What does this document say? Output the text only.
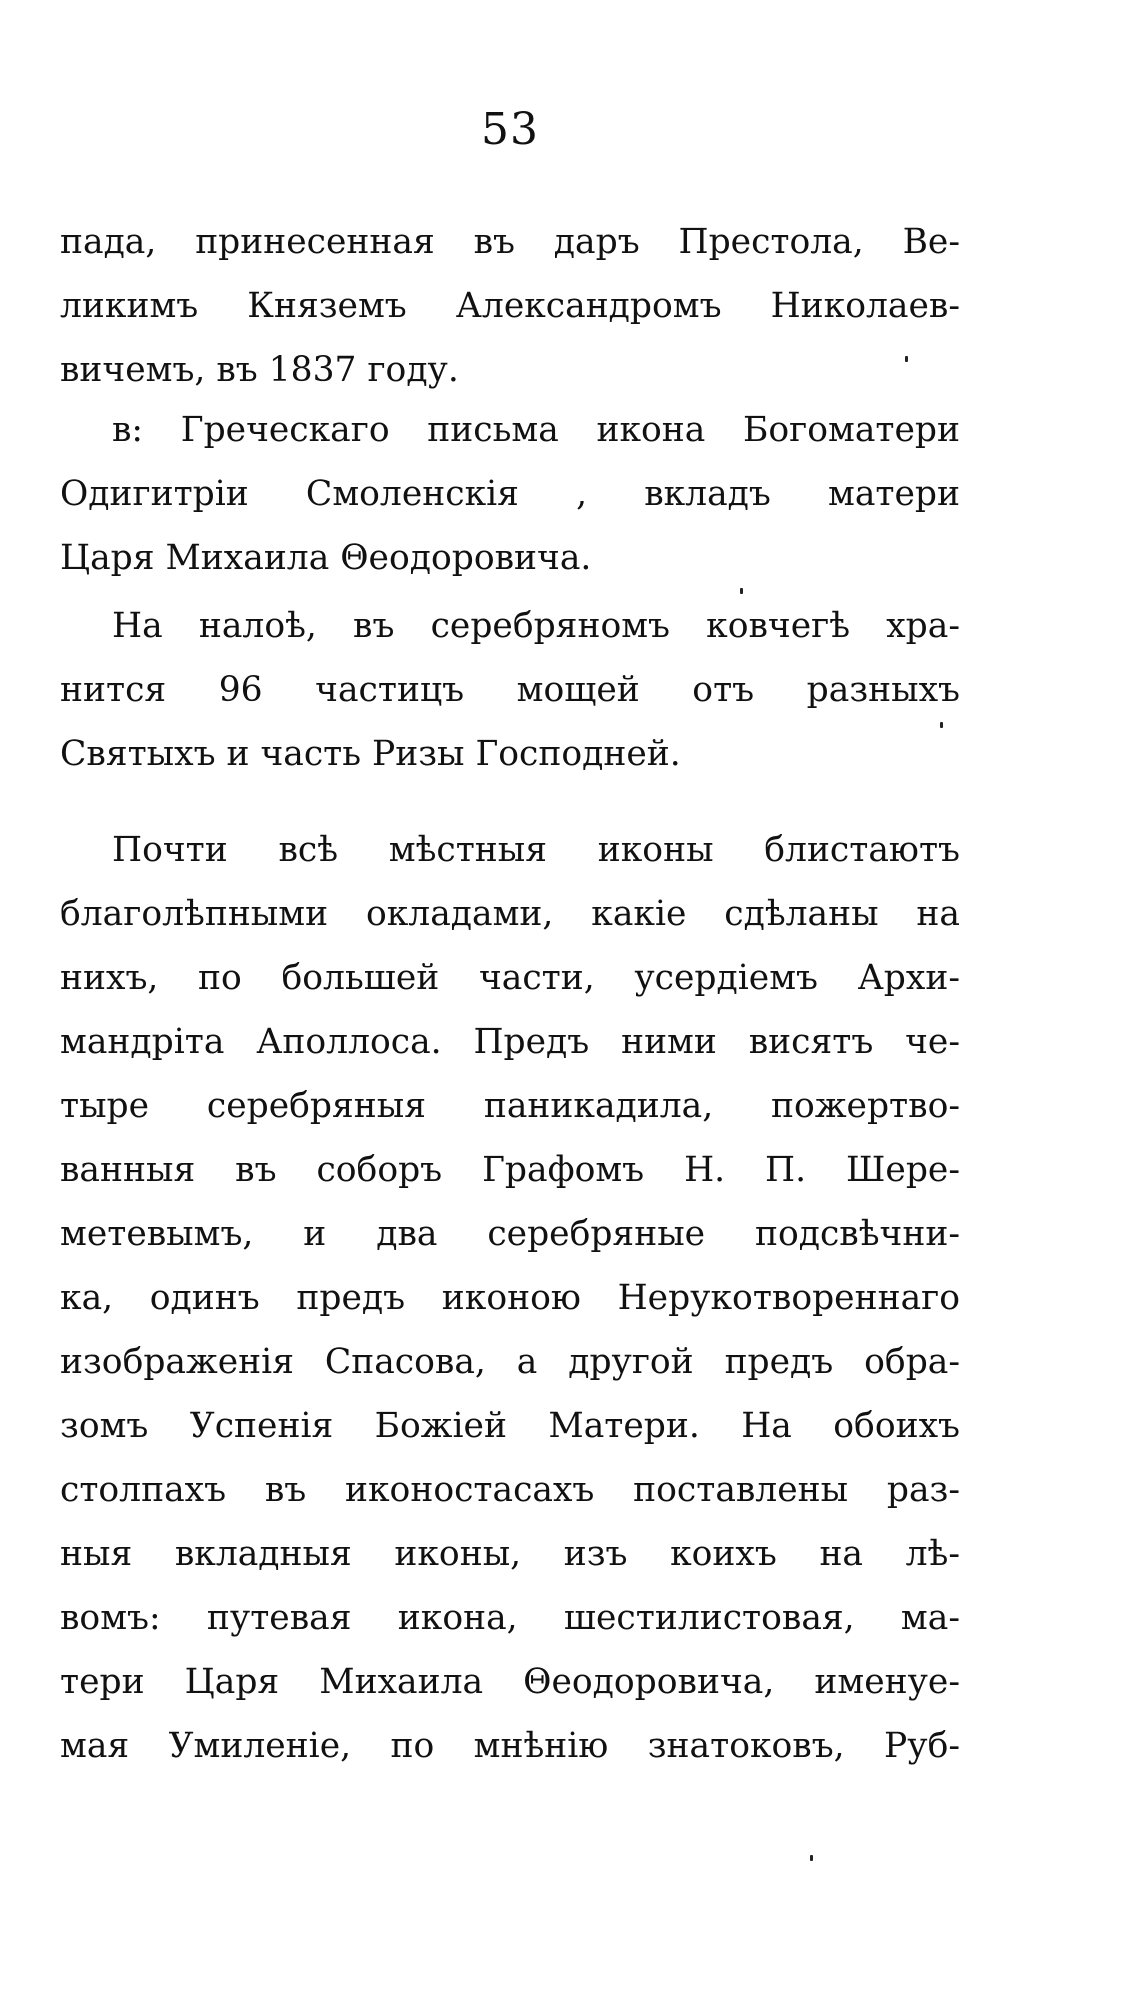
53
пада, принесенная въ даръ Престола, Ве-
ликимъ Княземъ Александромъ Николаев-
вичемъ, въ 1837 году.
в: Греческаго письма икона Богоматери
Одигитріи Смоленскія , вкладъ матери
Царя Михаила Θеодоровича.
На налоѣ, въ серебряномъ ковчегѣ хра-
нится 96 частицъ мощей отъ разныхъ
Святыхъ и часть Ризы Господней.
Почти всѣ мѣстныя иконы блистаютъ
благолѣпными окладами, какіе сдѣланы на
нихъ, по большей части, усердіемъ Архи-
мандріта Аполлоса. Предъ ними висятъ че-
тыре серебряныя паникадила, пожертво-
ванныя въ соборъ Графомъ Н. П. Шере-
метевымъ, и два серебряные подсвѣчни-
ка, одинъ предъ иконою Нерукотвореннаго
изображенія Спасова, а другой предъ обра-
зомъ Успенія Божіей Матери. На обоихъ
столпахъ въ иконостасахъ поставлены раз-
ныя вкладныя иконы, изъ коихъ на лѣ-
вомъ: путевая икона, шестилистовая, ма-
тери Царя Михаила Θеодоровича, именуе-
мая Умиленіе, по мнѣнію знатоковъ, Руб-
